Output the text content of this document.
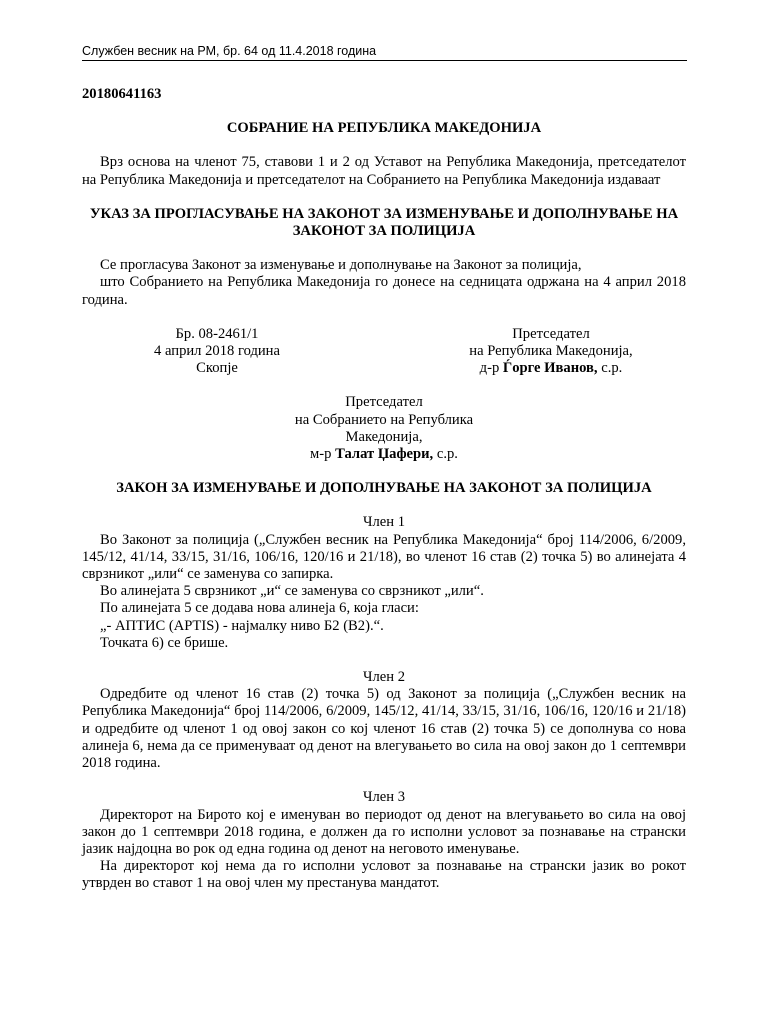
Службен весник на РМ, бр. 64 од 11.4.2018 година

20180641163

СОБРАНИЕ НА РЕПУБЛИКА МАКЕДОНИЈА

Врз основа на членот 75, ставови 1 и 2 од Уставот на Република Македонија, претседателот на Република Македонија и претседателот на Собранието на Република Македонија издаваат

УКАЗ ЗА ПРОГЛАСУВАЊЕ НА ЗАКОНОТ ЗА ИЗМЕНУВАЊЕ И ДОПОЛНУВАЊЕ НА ЗАКОНОТ ЗА ПОЛИЦИЈА

Се прогласува Законот за изменување и дополнување на Законот за полиција,

што Собранието на Република Македонија го донесе на седницата одржана на 4 април 2018 година.

Бр. 08-2461/1

4 април 2018 година

Скопје

Претседател

на Република Македонија,

д-р Ѓорге Иванов, с.р.

Претседател

на Собранието на Република

Македонија,

м-р Талат Џафери, с.р.

ЗАКОН ЗА ИЗМЕНУВАЊЕ И ДОПОЛНУВАЊЕ НА ЗАКОНОТ ЗА ПОЛИЦИЈА

Член 1

Во Законот за полиција („Службен весник на Република Македонија“ број 114/2006, 6/2009, 145/12, 41/14, 33/15, 31/16, 106/16, 120/16 и 21/18), во членот 16 став (2) точка 5) во алинејата 4 сврзникот „или“ се заменува со запирка.

Во алинејата 5 сврзникот „и“ се заменува со сврзникот „или“.

По алинејата 5 се додава нова алинеја 6, која гласи:

„- АПТИС (APTIS) - најмалку ниво Б2 (В2).“.

Точката 6) се брише.

Член 2

Одредбите од членот 16 став (2) точка 5) од Законот за полиција („Службен весник на Република Македонија“ број 114/2006, 6/2009, 145/12, 41/14, 33/15, 31/16, 106/16, 120/16 и 21/18) и одредбите од членот 1 од овој закон со кој членот 16 став (2) точка 5) се дополнува со нова алинеја 6, нема да се применуваат од денот на влегувањето во сила на овој закон до 1 септември 2018 година.

Член 3

Директорот на Бирото кој е именуван во периодот од денот на влегувањето во сила на овој закон до 1 септември 2018 година, е должен да го исполни условот за познавање на странски јазик најдоцна во рок од една година од денот на неговото именување.

На директорот кој нема да го исполни условот за познавање на странски јазик во рокот утврден во ставот 1 на овој член му престанува мандатот.
